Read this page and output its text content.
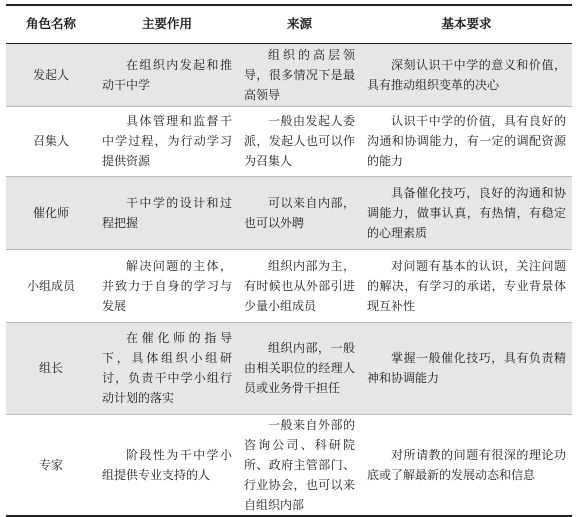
角色名称	主要作用	来源	基本要求
发起人	在组织内发起和推动干中学	组织的高层领导，很多情况下是最高领导	深刻认识干中学的意义和价值，具有推动组织变革的决心
召集人	具体管理和监督干中学过程，为行动学习提供资源	一般由发起人委派，发起人也可以作为召集人	认识干中学的价值，具有良好的沟通和协调能力，有一定的调配资源的能力
催化师	干中学的设计和过程把握	可以来自内部，也可以外聘	具备催化技巧，良好的沟通和协调能力，做事认真，有热情，有稳定的心理素质
小组成员	解决问题的主体，并致力于自身的学习与发展	组织内部为主，有时候也从外部引进少量小组成员	对问题有基本的认识，关注问题的解决，有学习的承诺，专业背景体现互补性
组长	在催化师的指导下，具体组织小组研讨，负责干中学小组行动计划的落实	组织内部，一般由相关职位的经理人员或业务骨干担任	掌握一般催化技巧，具有负责精神和协调能力
专家	阶段性为干中学小组提供专业支持的人	一般来自外部的咨询公司、科研院所、政府主管部门、行业协会，也可以来自组织内部	对所请教的问题有很深的理论功底或了解最新的发展动态和信息
